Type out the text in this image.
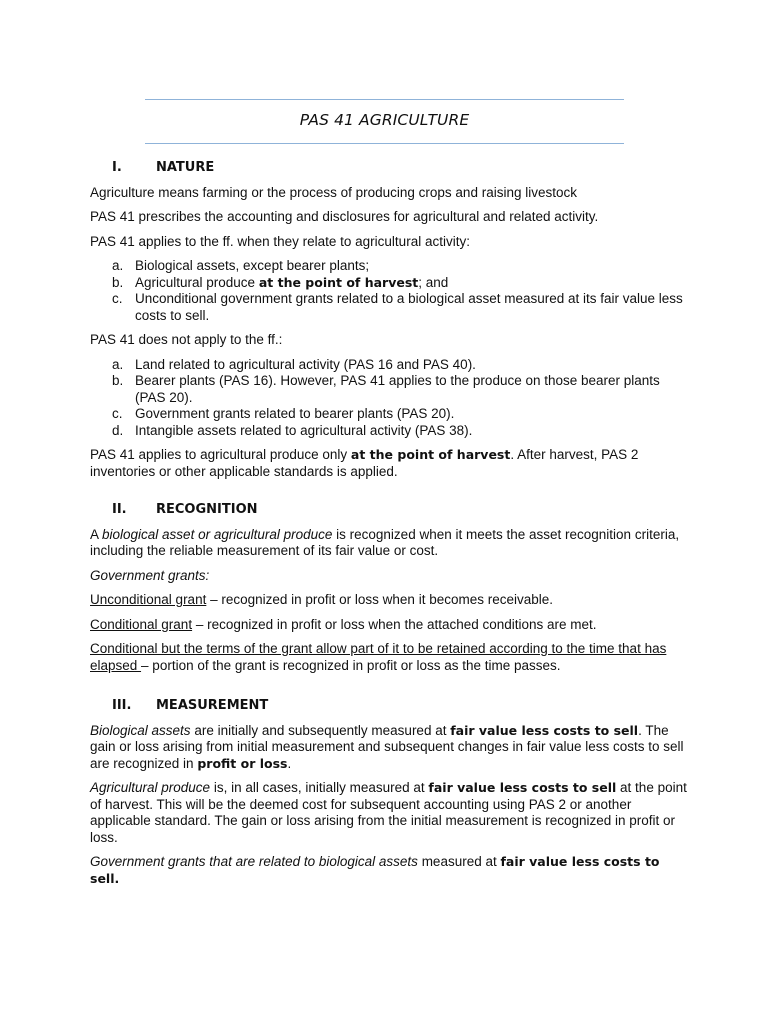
PAS 41 AGRICULTURE
I.	NATURE

Agriculture means farming or the process of producing crops and raising livestock

PAS 41 prescribes the accounting and disclosures for agricultural and related activity.

PAS 41 applies to the ff. when they relate to agricultural activity:

a. Biological assets, except bearer plants;
b. Agricultural produce at the point of harvest; and
c. Unconditional government grants related to a biological asset measured at its fair value less costs to sell.

PAS 41 does not apply to the ff.:

a. Land related to agricultural activity (PAS 16 and PAS 40).
b. Bearer plants (PAS 16). However, PAS 41 applies to the produce on those bearer plants (PAS 20).
c. Government grants related to bearer plants (PAS 20).
d. Intangible assets related to agricultural activity (PAS 38).

PAS 41 applies to agricultural produce only at the point of harvest. After harvest, PAS 2 inventories or other applicable standards is applied.

II.	RECOGNITION

A biological asset or agricultural produce is recognized when it meets the asset recognition criteria, including the reliable measurement of its fair value or cost.

Government grants:

Unconditional grant – recognized in profit or loss when it becomes receivable.

Conditional grant – recognized in profit or loss when the attached conditions are met.

Conditional but the terms of the grant allow part of it to be retained according to the time that has elapsed – portion of the grant is recognized in profit or loss as the time passes.

III.	MEASUREMENT

Biological assets are initially and subsequently measured at fair value less costs to sell. The gain or loss arising from initial measurement and subsequent changes in fair value less costs to sell are recognized in profit or loss.

Agricultural produce is, in all cases, initially measured at fair value less costs to sell at the point of harvest. This will be the deemed cost for subsequent accounting using PAS 2 or another applicable standard. The gain or loss arising from the initial measurement is recognized in profit or loss.

Government grants that are related to biological assets measured at fair value less costs to sell.
